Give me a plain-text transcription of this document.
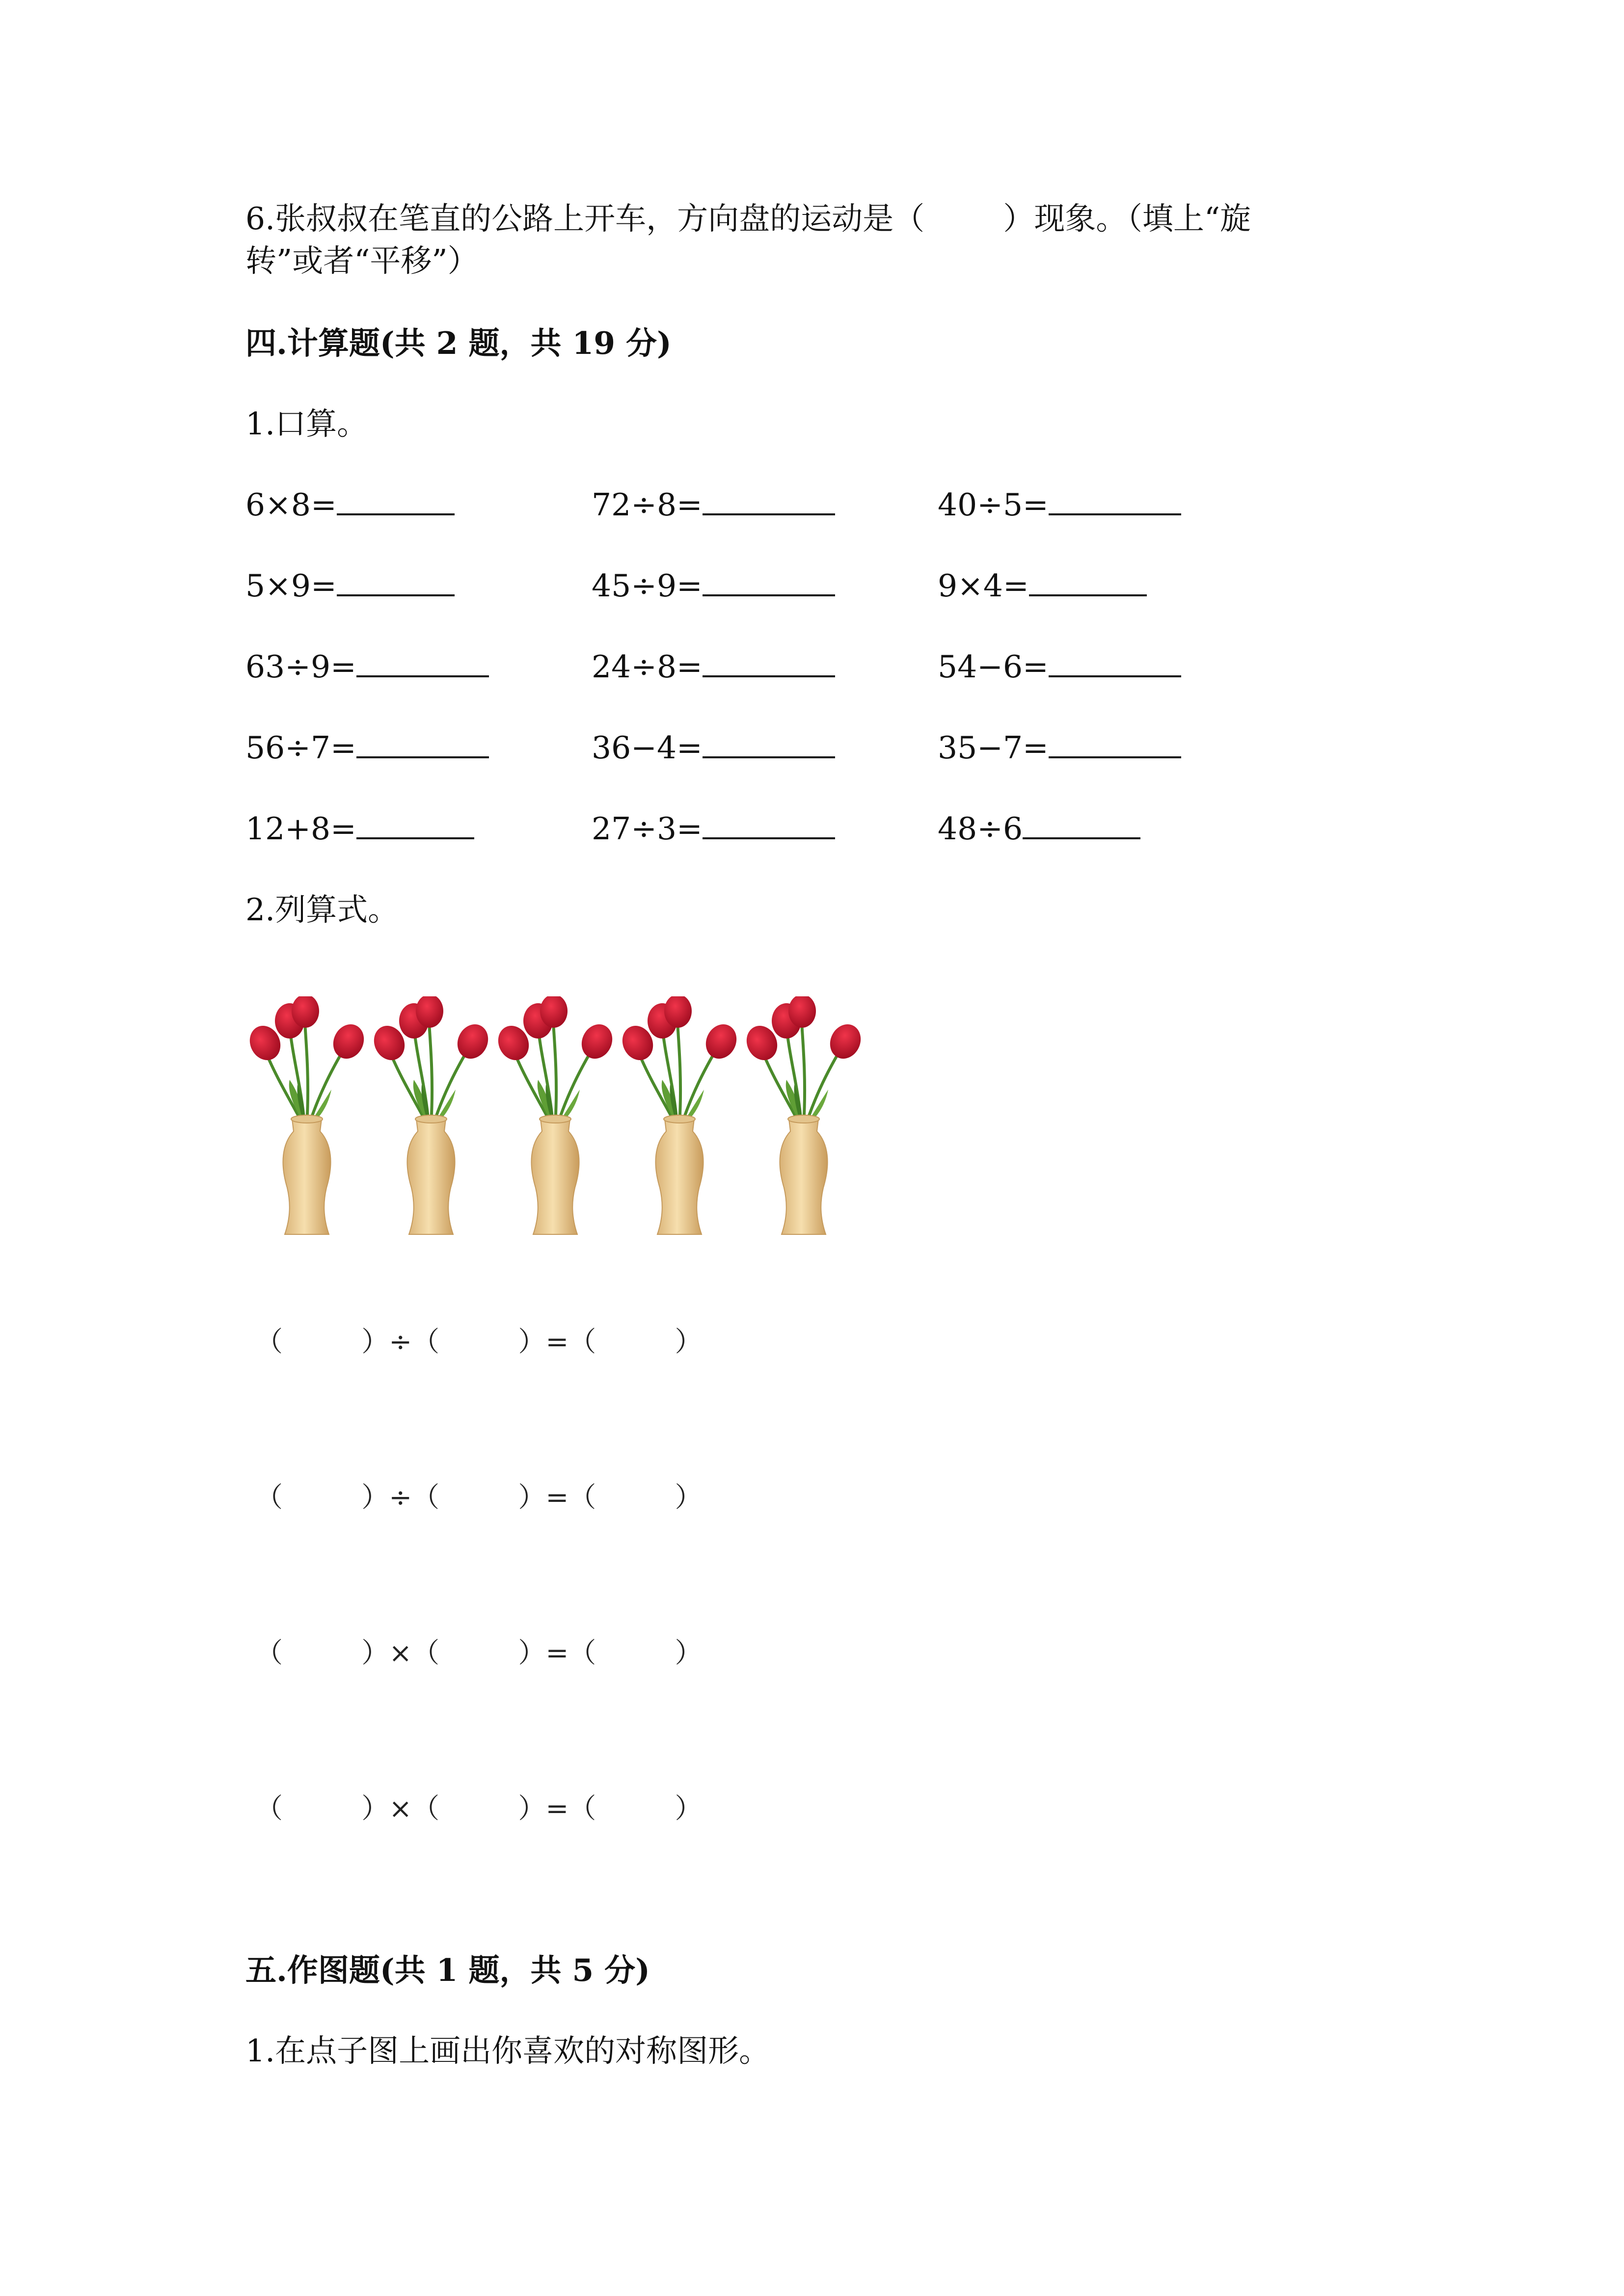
6.张叔叔在笔直的公路上开车，方向盘的运动是（        ）现象。（填上“旋
转”或者“平移”）
四.计算题(共 2 题，共 19 分)
1.口算。
6×8=	72÷8=	40÷5=
5×9=	45÷9=	9×4=
63÷9=	24÷8=	54−6=
56÷7=	36−4=	35−7=
12+8=	27÷3=	48÷6
2.列算式。
（         ）÷（         ）=（         ）
（         ）÷（         ）=（         ）
（         ）×（         ）=（         ）
（         ）×（         ）=（         ）
五.作图题(共 1 题，共 5 分)
1.在点子图上画出你喜欢的对称图形。
